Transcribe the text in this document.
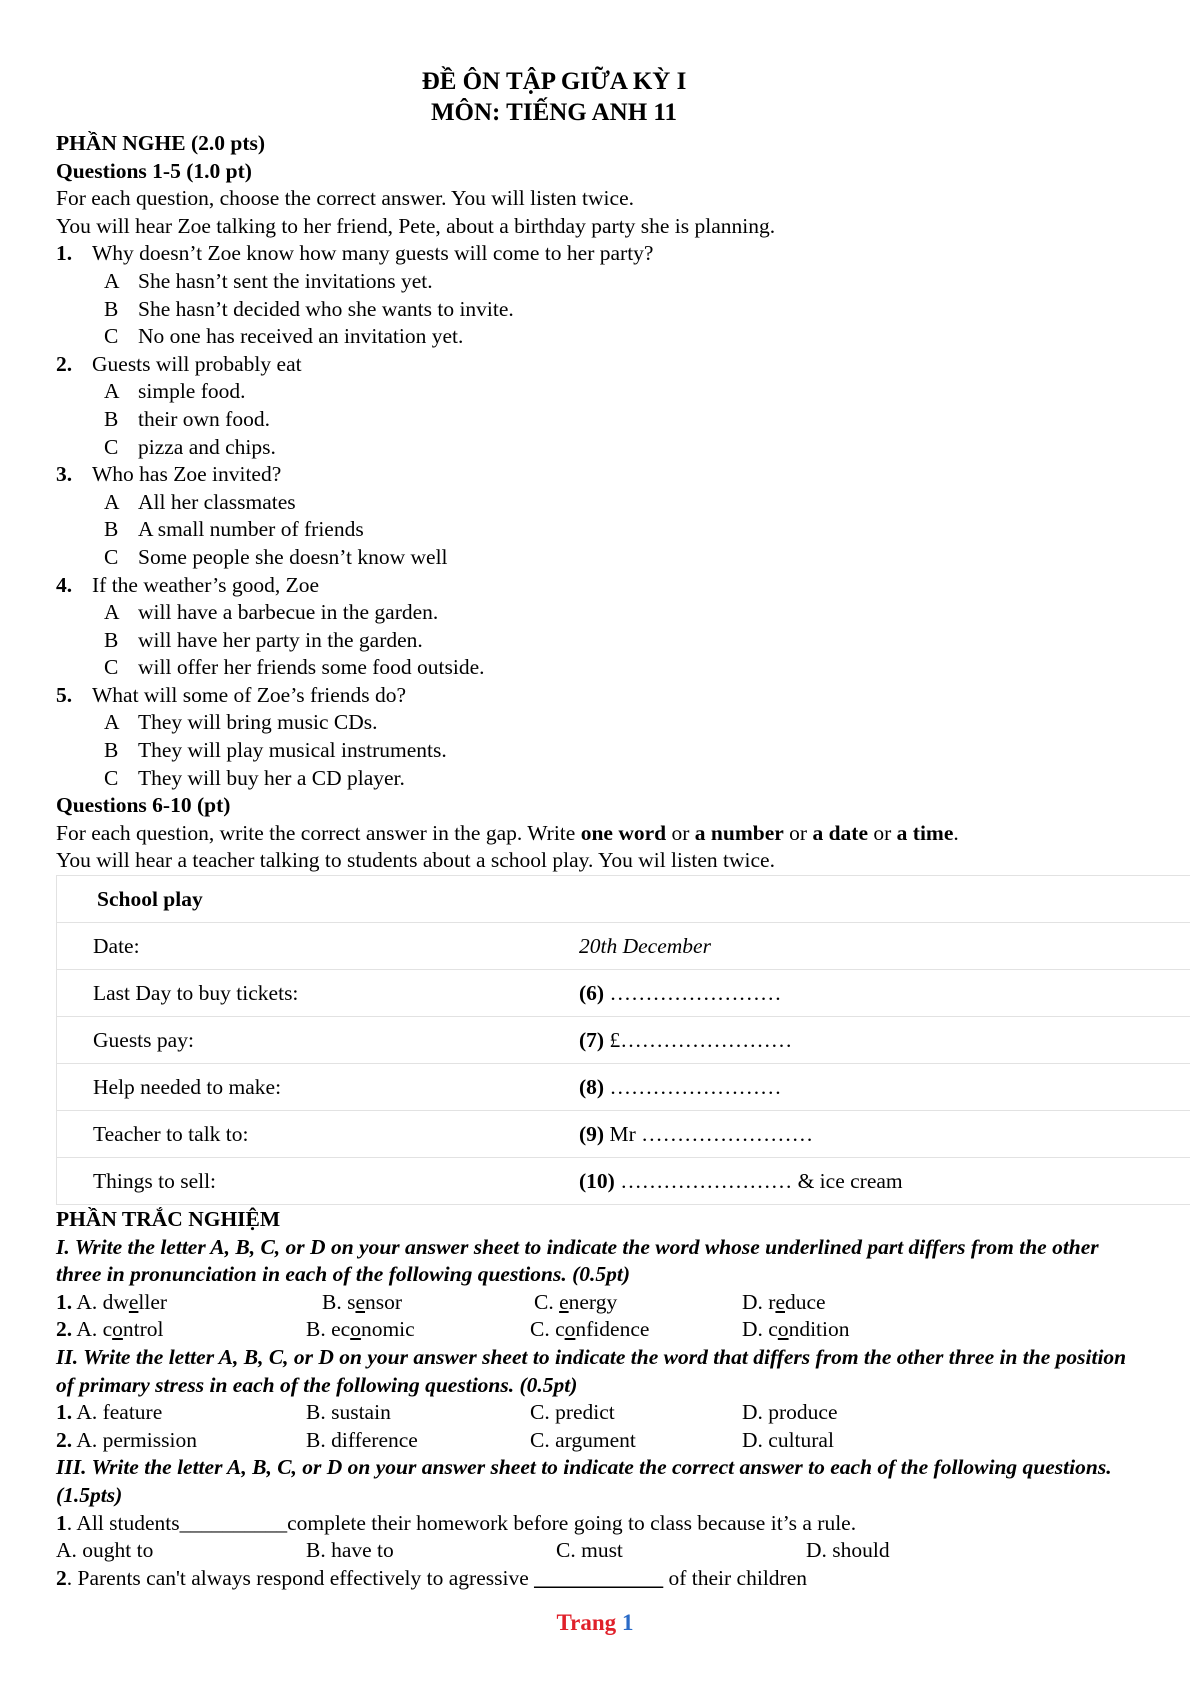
ĐỀ ÔN TẬP GIỮA KỲ I
MÔN: TIẾNG ANH 11
PHẦN NGHE (2.0 pts)
Questions 1-5 (1.0 pt)
For each question, choose the correct answer. You will listen twice.
You will hear Zoe talking to her friend, Pete, about a birthday party she is planning.
1. Why doesn’t Zoe know how many guests will come to her party?
A She hasn’t sent the invitations yet.
B She hasn’t decided who she wants to invite.
C No one has received an invitation yet.
2. Guests will probably eat
A simple food.
B their own food.
C pizza and chips.
3. Who has Zoe invited?
A All her classmates
B A small number of friends
C Some people she doesn’t know well
4. If the weather’s good, Zoe
A will have a barbecue in the garden.
B will have her party in the garden.
C will offer her friends some food outside.
5. What will some of Zoe’s friends do?
A They will bring music CDs.
B They will play musical instruments.
C They will buy her a CD player.
Questions 6-10 (pt)
For each question, write the correct answer in the gap. Write one word or a number or a date or a time.
You will hear a teacher talking to students about a school play. You wil listen twice.
School play	
Date:	20th December
Last Day to buy tickets:	(6) ……………………
Guests pay:	(7) £……………………
Help needed to make:	(8) ……………………
Teacher to talk to:	(9) Mr ……………………
Things to sell:	(10) …………………… & ice cream
PHẦN TRẮC NGHIỆM
I. Write the letter A, B, C, or D on your answer sheet to indicate the word whose underlined part differs from the other three in pronunciation in each of the following questions. (0.5pt)
1. A. dweller	B. sensor	C. energy	D. reduce
2. A. control	B. economic	C. confidence	D. condition
II. Write the letter A, B, C, or D on your answer sheet to indicate the word that differs from the other three in the position of primary stress in each of the following questions. (0.5pt)
1. A. feature	B. sustain	C. predict	D. produce
2. A. permission	B. difference	C. argument	D. cultural
III. Write the letter A, B, C, or D on your answer sheet to indicate the correct answer to each of the following questions. (1.5pts)
1. All students__________complete their homework before going to class because it’s a rule.
A. ought to	B. have to	C. must	D. should
2. Parents can't always respond effectively to agressive ____________ of their children
Trang 1
